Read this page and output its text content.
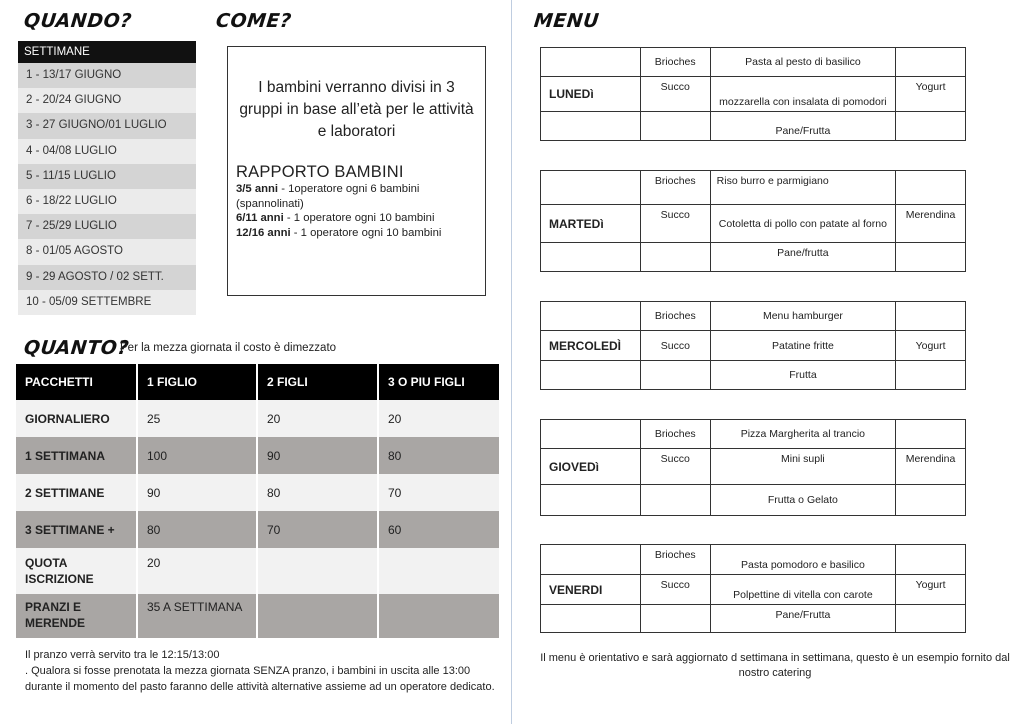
QUANDO?
SETTIMANE
1 - 13/17 GIUGNO
2 - 20/24 GIUGNO
3 - 27 GIUGNO/01 LUGLIO
4 - 04/08 LUGLIO
5 - 11/15 LUGLIO
6 - 18/22 LUGLIO
7 - 25/29 LUGLIO
8 - 01/05 AGOSTO
9 - 29 AGOSTO / 02 SETT.
10 - 05/09 SETTEMBRE
COME?
I bambini verranno divisi in 3 gruppi in base all’età per le attività e laboratori
RAPPORTO BAMBINI
3/5 anni - 1operatore ogni 6 bambini (spannolinati)
6/11 anni - 1 operatore ogni 10 bambini
12/16 anni - 1 operatore ogni 10 bambini
QUANTO?
Per la mezza giornata il costo è dimezzato
PACCHETTI	1 FIGLIO	2 FIGLI	3 O PIU FIGLI
GIORNALIERO	25	20	20
1 SETTIMANA	100	90	80
2 SETTIMANE	90	80	70
3 SETTIMANE +	80	70	60
QUOTA ISCRIZIONE	20		
PRANZI E MERENDE	35 A SETTIMANA		
Il pranzo verrà servito tra le 12:15/13:00
. Qualora si fosse prenotata la mezza giornata SENZA pranzo, i bambini in uscita alle 13:00 durante il momento del pasto faranno delle attività alternative assieme ad un operatore dedicato.
MENU
	Brioches	Pasta al pesto di basilico	
LUNEDì	Succo	mozzarella con insalata di pomodori	Yogurt
		Pane/Frutta	
	Brioches	Riso burro e parmigiano	
MARTEDì	Succo	Cotoletta di pollo con patate al forno	Merendina
		Pane/frutta	
	Brioches	Menu hamburger	
MERCOLEDÌ	Succo	Patatine fritte	Yogurt
		Frutta	
	Brioches	Pizza Margherita al trancio	
GIOVEDì	Succo	Mini supli	Merendina
		Frutta o Gelato	
	Brioches	Pasta pomodoro e basilico	
VENERDI	Succo	Polpettine di vitella con carote	Yogurt
		Pane/Frutta	
Il menu è orientativo e sarà aggiornato d settimana in settimana, questo è un esempio fornito dal nostro catering
